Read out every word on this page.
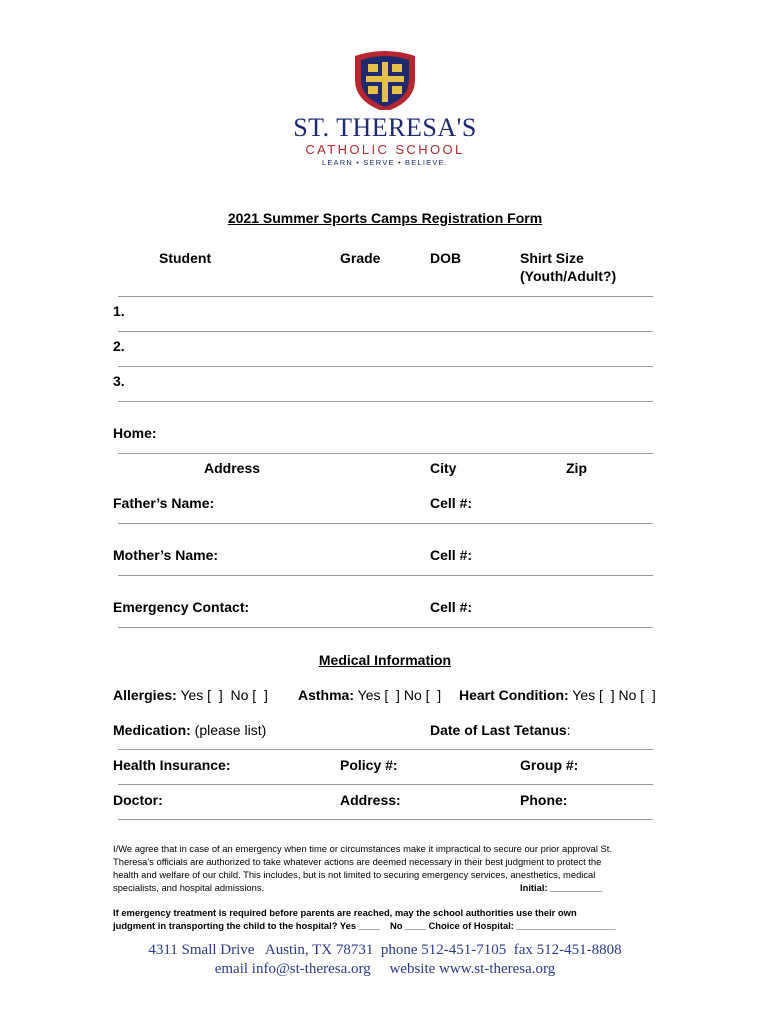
ST. THERESA'S
CATHOLIC SCHOOL
LEARN • SERVE • BELIEVE.
2021 Summer Sports Camps Registration Form
Student	Grade	DOB	Shirt Size
(Youth/Adult?)
1.
2.
3.
Home:
Address	City	Zip
Father’s Name:	Cell #:
Mother’s Name:	Cell #:
Emergency Contact:	Cell #:
Medical Information
Allergies: Yes [  ]  No [  ] Asthma: Yes [  ] No [  ] Heart Condition: Yes [  ] No [  ]
Medication: (please list)	Date of Last Tetanus:
Health Insurance:	Policy #:	Group #:
Doctor:	Address:	Phone:
I/We agree that in case of an emergency when time or circumstances make it impractical to secure our prior approval St.
Theresa's officials are authorized to take whatever actions are deemed necessary in their best judgment to protect the
health and welfare of our child. This includes, but is not limited to securing emergency services, anesthetics, medical
specialists, and hospital admissions.	Initial: __________
If emergency treatment is required before parents are reached, may the school authorities use their own
judgment in transporting the child to the hospital? Yes ____    No ____ Choice of Hospital: ___________________
4311 Small Drive   Austin, TX 78731  phone 512-451-7105  fax 512-451-8808
email info@st-theresa.org     website www.st-theresa.org
